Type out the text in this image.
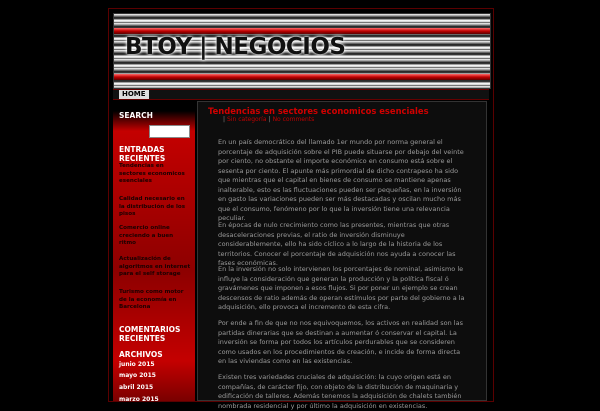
BTOY | NEGOCIOS
HOME
SEARCH
ENTRADAS RECIENTES
Tendencias en sectores economicos esenciales
Calidad necesario en la distribución de los pisos
Comercio online creciendo a buen ritmo
Actualización de algoritmos en internet para el self storage
Turismo como motor de la economía en Barcelona
COMENTARIOS RECIENTES
ARCHIVOS
junio 2015
mayo 2015
abril 2015
marzo 2015
Tendencias en sectores economicos esenciales
| Sin categoría | No comments

En un país democrático del llamado 1er mundo por norma general el porcentaje de adquisición sobre el PIB puede situarse por debajo del veinte por ciento, no obstante el importe económico en consumo está sobre el sesenta por ciento. El apunte más primordial de dicho contrapeso ha sido que mientras que el capital en bienes de consumo se mantiene apenas inalterable, esto es las fluctuaciones pueden ser pequeñas, en la inversión en gasto las variaciones pueden ser más destacadas y oscilan mucho más que el consumo, fenómeno por lo que la inversión tiene una relevancia peculiar.

En épocas de nulo crecimiento como las presentes, mientras que otras desaceleraciones previas, el ratio de inversión disminuye considerablemente, ello ha sido cíclico a lo largo de la historia de los territorios. Conocer el porcentaje de adquisición nos ayuda a conocer las fases económicas.

En la inversión no solo intervienen los porcentajes de nominal, asimismo le influye la consideración que generan la producción y la política fiscal ó gravámenes que imponen a esos flujos. Si por poner un ejemplo se crean descensos de ratio además de operan estímulos por parte del gobierno a la adquisición, ello provoca el incremento de esta cifra.

Por ende a fin de que no nos equivoquemos, los activos en realidad son las partidas dinerarias que se destinan a aumentar ó conservar el capital. La inversión se forma por todos los artículos perdurables que se consideren como usados en los procedimientos de creación, e incide de forma directa en las viviendas como en las existencias.

Existen tres variedades cruciales de adquisición: la cuyo origen está en compañías, de carácter fijo, con objeto de la distribución de maquinaria y edificación de talleres. Además tenemos la adquisición de chalets también nombrada residencial y por último la adquisición en existencias.
